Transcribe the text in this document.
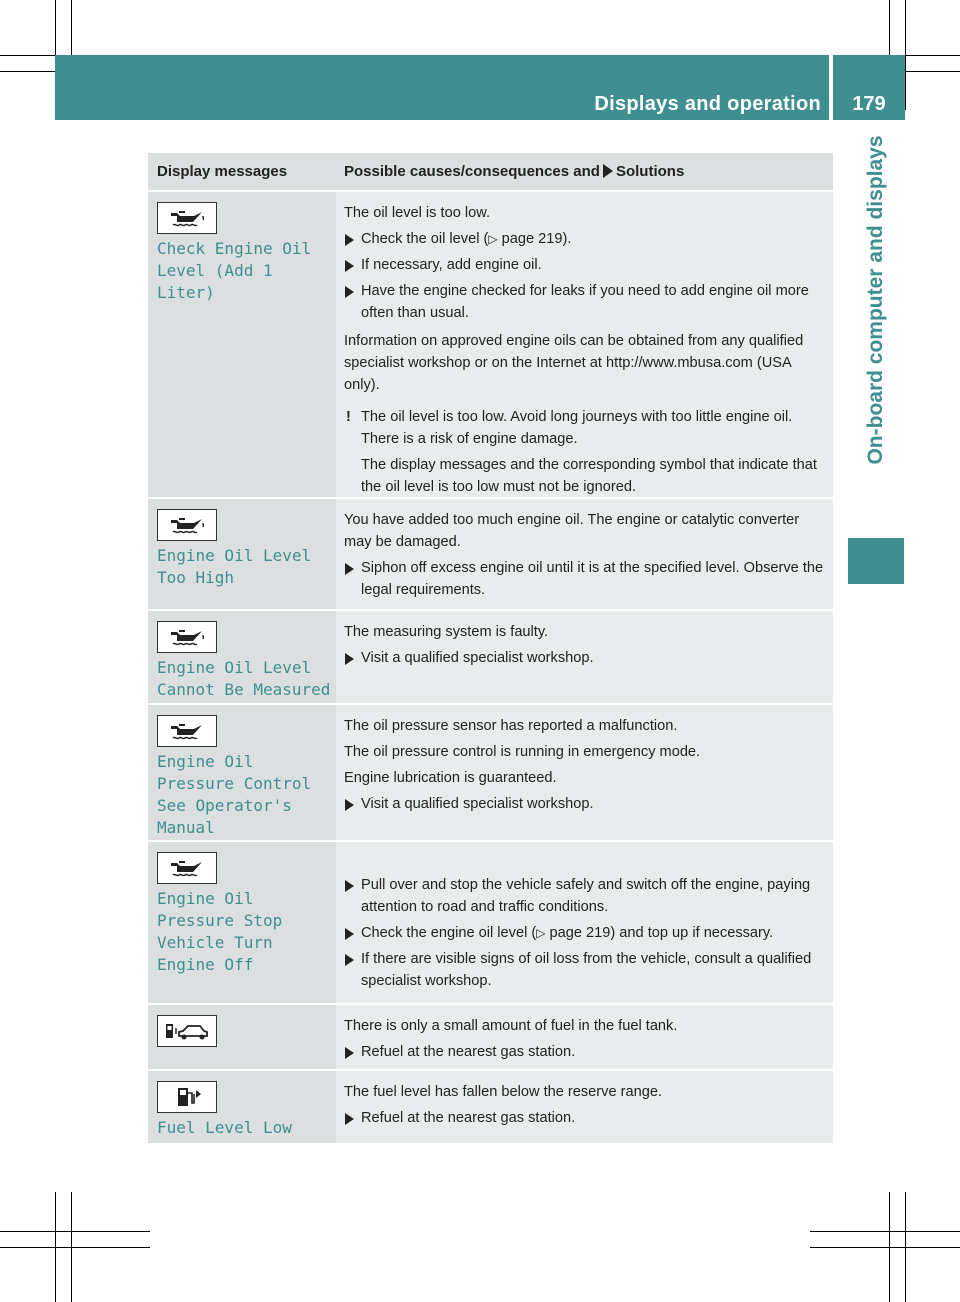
Displays and operation	179
On-board computer and displays
Display messages	Possible causes/consequences and Solutions
Check Engine Oil
Level (Add 1 Liter)
The oil level is too low.
Check the oil level (▷ page 219).
If necessary, add engine oil.
Have the engine checked for leaks if you need to add engine oil more often than usual.
Information on approved engine oils can be obtained from any qualified specialist workshop or on the Internet at http://www.mbusa.com (USA only).
! The oil level is too low. Avoid long journeys with too little engine oil. There is a risk of engine damage.
The display messages and the corresponding symbol that indicate that the oil level is too low must not be ignored.
Engine Oil Level
Too High
You have added too much engine oil. The engine or catalytic converter may be damaged.
Siphon off excess engine oil until it is at the specified level. Observe the legal requirements.
Engine Oil Level
Cannot Be Measured
The measuring system is faulty.
Visit a qualified specialist workshop.
Engine Oil
Pressure Control
See Operator's
Manual
The oil pressure sensor has reported a malfunction.
The oil pressure control is running in emergency mode.
Engine lubrication is guaranteed.
Visit a qualified specialist workshop.
Engine Oil
Pressure Stop
Vehicle Turn
Engine Off
Pull over and stop the vehicle safely and switch off the engine, paying attention to road and traffic conditions.
Check the engine oil level (▷ page 219) and top up if necessary.
If there are visible signs of oil loss from the vehicle, consult a qualified specialist workshop.
There is only a small amount of fuel in the fuel tank.
Refuel at the nearest gas station.
Fuel Level Low
The fuel level has fallen below the reserve range.
Refuel at the nearest gas station.
